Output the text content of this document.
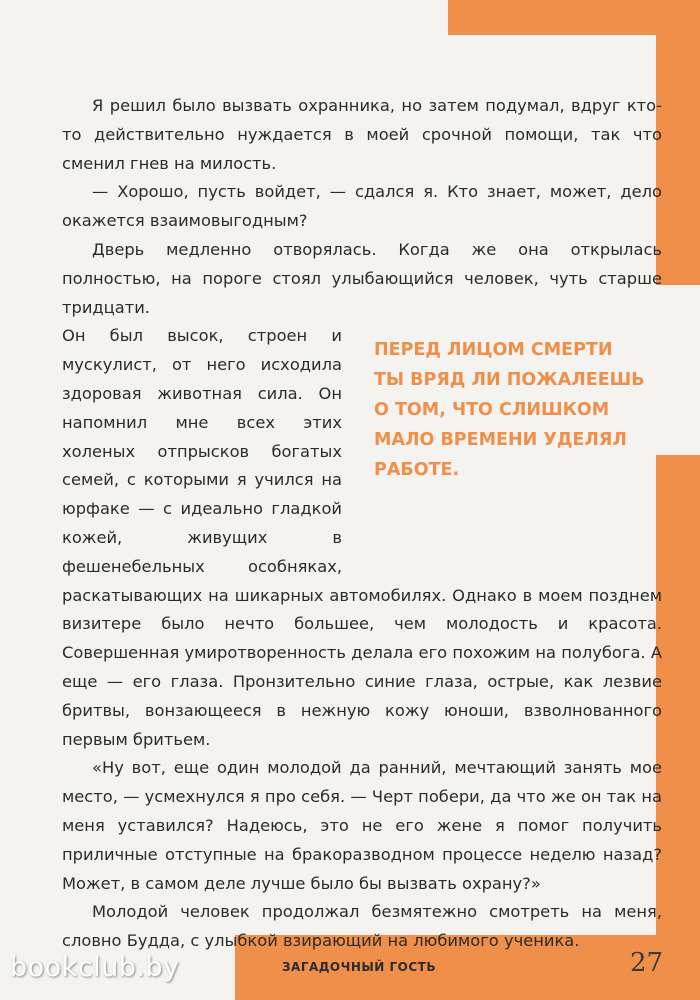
Я решил было вызвать охранника, но затем подумал, вдруг кто-то действительно нуждается в моей срочной помощи, так что сменил гнев на милость.

— Хорошо, пусть войдет, — сдался я. Кто знает, может, дело окажется взаимовыгодным?

Дверь медленно отворялась. Когда же она открылась полностью, на пороге стоял улыбающийся человек, чуть старше тридцати.

ПЕРЕД ЛИЦОМ СМЕРТИ
ТЫ ВРЯД ЛИ ПОЖАЛЕЕШЬ
О ТОМ, ЧТО СЛИШКОМ
МАЛО ВРЕМЕНИ УДЕЛЯЛ
РАБОТЕ.

Он был высок, строен и мускулист, от него исходила здоровая животная сила. Он напомнил мне всех этих холеных отпрысков богатых семей, с которыми я учился на юрфаке — с идеально гладкой кожей, живущих в фешенебельных особняках, раскатывающих на шикарных автомобилях. Однако в моем позднем визитере было нечто большее, чем молодость и красота. Совершенная умиротворенность делала его похожим на полубога. А еще — его глаза. Пронзительно синие глаза, острые, как лезвие бритвы, вонзающееся в нежную кожу юноши, взволнованного первым бритьем.

«Ну вот, еще один молодой да ранний, мечтающий занять мое место, — усмехнулся я про себя. — Черт побери, да что же он так на меня уставился? Надеюсь, это не его жене я помог получить приличные отступные на бракоразводном процессе неделю назад? Может, в самом деле лучше было бы вызвать охрану?»

Молодой человек продолжал безмятежно смотреть на меня, словно Будда, с улыбкой взирающий на любимого ученика.

ЗАГАДОЧНЫЙ ГОСТЬ	27
bookclub.by
